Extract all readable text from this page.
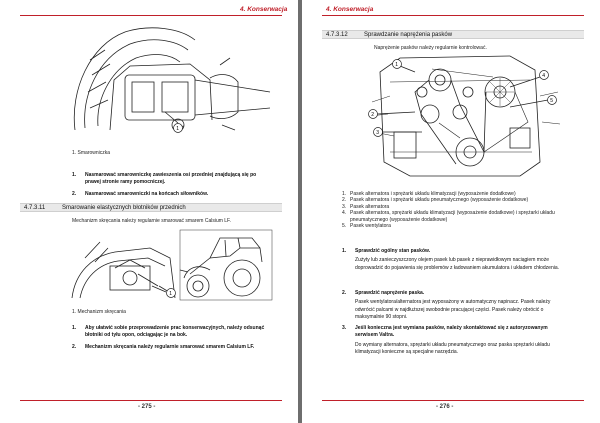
4. Konserwacja
1
1. Smarowniczka
1. Nasmarować smarowniczkę zawieszenia osi przedniej znajdującą się po prawej stronie ramy pomocniczej.
2. Nasmarować smarowniczki na końcach siłowników.
4.7.3.11	Smarowanie elastycznych błotników przednich
Mechanizm skręcania należy regularnie smarować smarem Calsium LF.
1
1. Mechanizm skręcania
1. Aby ułatwić sobie przeprowadzenie prac konserwacyjnych, należy odsunąć błotniki od tyłu opon, odciągając je na bok.
2. Mechanizm skręcania należy regularnie smarować smarem Calsium LF.
- 275 -
4. Konserwacja
4.7.3.12	Sprawdzanie naprężenia pasków
Naprężenie pasków należy regularnie kontrolować.
1
2
3
4
5
1. Pasek alternatora i sprężarki układu klimatyzacji (wyposażenie dodatkowe)
2. Pasek alternatora i sprężarki układu pneumatycznego (wyposażenie dodatkowe)
3. Pasek alternatora
4. Pasek alternatora, sprężarki układu klimatyzacji (wyposażenie dodatkowe) i sprężarki układu pneumatycznego (wyposażenie dodatkowe)
5. Pasek wentylatora
1. Sprawdzić ogólny stan pasków.
Zużyty lub zanieczyszczony olejem pasek lub pasek z nieprawidłowym naciągiem może doprowadzić do pojawienia się problemów z ładowaniem akumulatora i układem chłodzenia.
2. Sprawdzić naprężenie paska.
Pasek wentylatora/alternatora jest wyposażony w automatyczny napinacz. Pasek należy odwrócić palcami w najdłuższej swobodnie pracującej części. Pasek należy obrócić o maksymalnie 90 stopni.
3. Jeśli konieczna jest wymiana pasków, należy skontaktować się z autoryzowanym serwisem Valtra.
Do wymiany alternatora, sprężarki układu pneumatycznego oraz paska sprężarki układu klimatyzacji konieczne są specjalne narzędzia.
- 276 -
